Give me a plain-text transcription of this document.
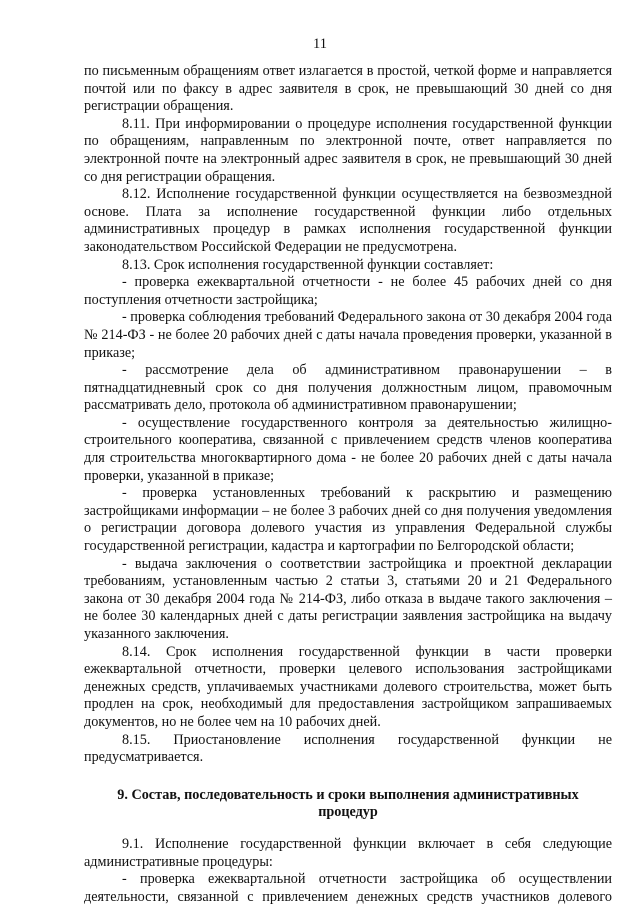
11

по письменным обращениям ответ излагается в простой, четкой форме и направляется почтой или по факсу в адрес заявителя в срок, не превышающий 30 дней со дня регистрации обращения.

8.11. При информировании о процедуре исполнения государственной функции по обращениям, направленным по электронной почте, ответ направляется по электронной почте на электронный адрес заявителя в срок, не превышающий 30 дней со дня регистрации обращения.

8.12. Исполнение государственной функции осуществляется на безвозмездной основе. Плата за исполнение государственной функции либо отдельных административных процедур в рамках исполнения государственной функции законодательством Российской Федерации не предусмотрена.

8.13. Срок исполнения государственной функции составляет:

- проверка ежеквартальной отчетности - не более 45 рабочих дней со дня поступления отчетности застройщика;

- проверка соблюдения требований Федерального закона от 30 декабря 2004 года № 214-ФЗ - не более 20 рабочих дней с даты начала проведения проверки, указанной в приказе;

- рассмотрение дела об административном правонарушении – в пятнадцатидневный срок со дня получения должностным лицом, правомочным рассматривать дело, протокола об административном правонарушении;

- осуществление государственного контроля за деятельностью жилищно-строительного кооператива, связанной с привлечением средств членов кооператива для строительства многоквартирного дома - не более 20 рабочих дней с даты начала проверки, указанной в приказе;

- проверка установленных требований к раскрытию и размещению застройщиками информации – не более 3 рабочих дней со дня получения уведомления о регистрации договора долевого участия из управления Федеральной службы государственной регистрации, кадастра и картографии по Белгородской области;

- выдача заключения о соответствии застройщика и проектной декларации требованиям, установленным частью 2 статьи 3, статьями 20 и 21 Федерального закона от 30 декабря 2004 года № 214-ФЗ, либо отказа в выдаче такого заключения – не более 30 календарных дней с даты регистрации заявления застройщика на выдачу указанного заключения.

8.14. Срок исполнения государственной функции в части проверки ежеквартальной отчетности, проверки целевого использования застройщиками денежных средств, уплачиваемых участниками долевого строительства, может быть продлен на срок, необходимый для предоставления застройщиком запрашиваемых документов, но не более чем на 10 рабочих дней.

8.15. Приостановление исполнения государственной функции не предусматривается.

9. Состав, последовательность и сроки выполнения административных процедур

9.1. Исполнение государственной функции включает в себя следующие административные процедуры:

- проверка ежеквартальной отчетности застройщика об осуществлении деятельности, связанной с привлечением денежных средств участников долевого
